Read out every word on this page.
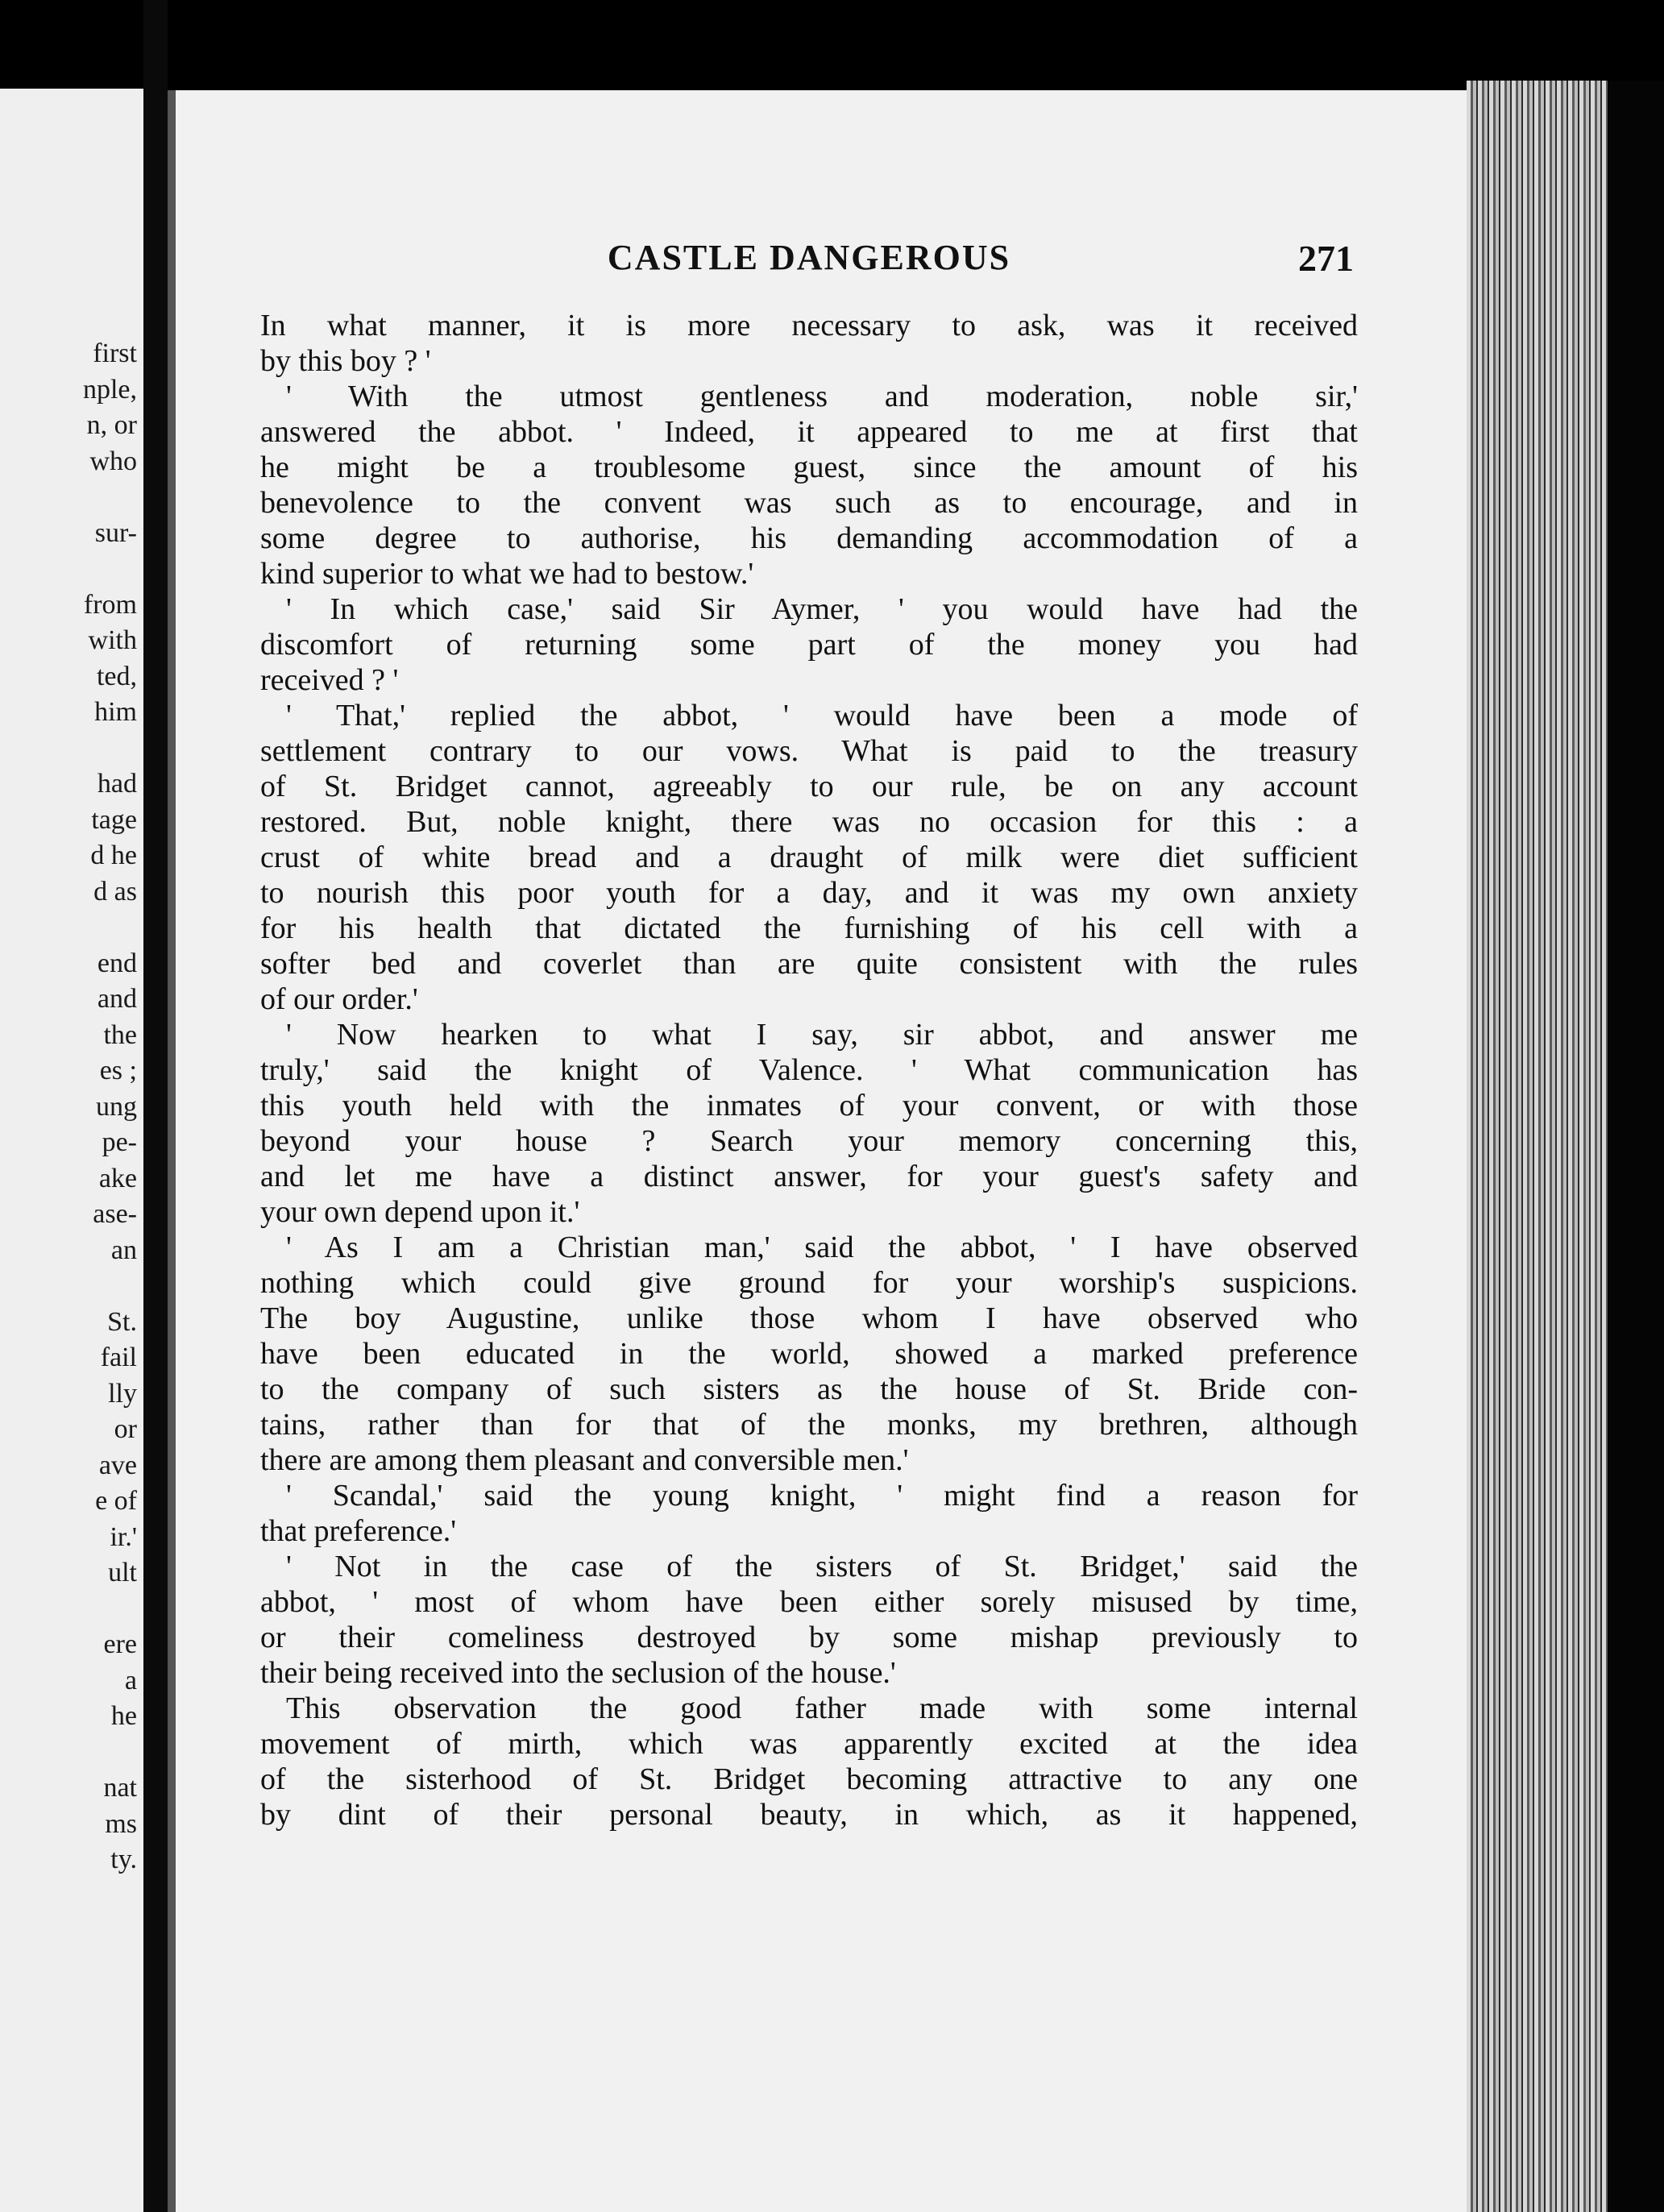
first
nple,
n, or
who
sur-
from
with
ted,
him
had
tage
d he
d as
end
and
the
es ;
ung
pe-
ake
ase-
an
St.
fail
lly
or
ave
e of
ir.'
ult
ere
a
he
nat
ms
ty.
CASTLE DANGEROUS	271
In what manner, it is more necessary to ask, was it received
by this boy ? '
' With the utmost gentleness and moderation, noble sir,'
answered the abbot. ' Indeed, it appeared to me at first that
he might be a troublesome guest, since the amount of his
benevolence to the convent was such as to encourage, and in
some degree to authorise, his demanding accommodation of a
kind superior to what we had to bestow.'
' In which case,' said Sir Aymer, ' you would have had the
discomfort of returning some part of the money you had
received ? '
' That,' replied the abbot, ' would have been a mode of
settlement contrary to our vows. What is paid to the treasury
of St. Bridget cannot, agreeably to our rule, be on any account
restored. But, noble knight, there was no occasion for this : a
crust of white bread and a draught of milk were diet sufficient
to nourish this poor youth for a day, and it was my own anxiety
for his health that dictated the furnishing of his cell with a
softer bed and coverlet than are quite consistent with the rules
of our order.'
' Now hearken to what I say, sir abbot, and answer me
truly,' said the knight of Valence. ' What communication has
this youth held with the inmates of your convent, or with those
beyond your house ? Search your memory concerning this,
and let me have a distinct answer, for your guest's safety and
your own depend upon it.'
' As I am a Christian man,' said the abbot, ' I have observed
nothing which could give ground for your worship's suspicions.
The boy Augustine, unlike those whom I have observed who
have been educated in the world, showed a marked preference
to the company of such sisters as the house of St. Bride con-
tains, rather than for that of the monks, my brethren, although
there are among them pleasant and conversible men.'
' Scandal,' said the young knight, ' might find a reason for
that preference.'
' Not in the case of the sisters of St. Bridget,' said the
abbot, ' most of whom have been either sorely misused by time,
or their comeliness destroyed by some mishap previously to
their being received into the seclusion of the house.'
This observation the good father made with some internal
movement of mirth, which was apparently excited at the idea
of the sisterhood of St. Bridget becoming attractive to any one
by dint of their personal beauty, in which, as it happened,
